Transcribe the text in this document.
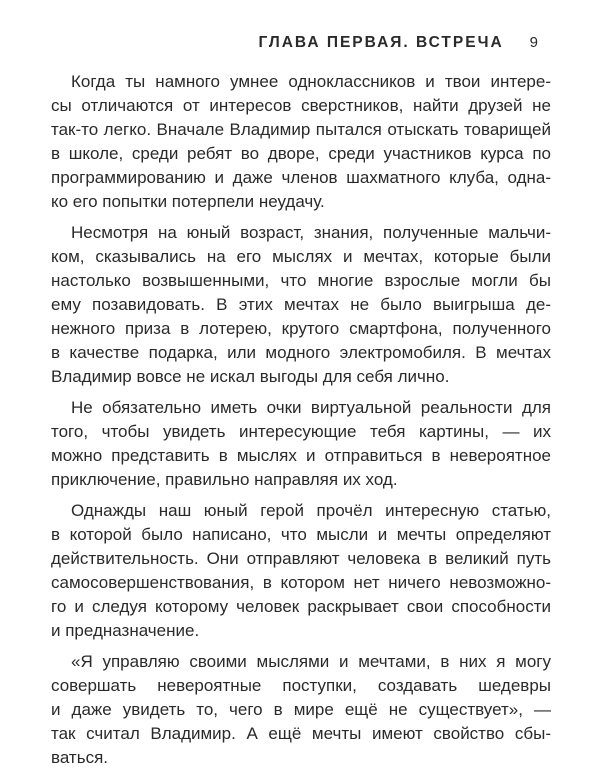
ГЛАВА ПЕРВАЯ. ВСТРЕЧА 9
Когда ты намного умнее одноклассников и твои интере-
сы отличаются от интересов сверстников, найти друзей не
так-то легко. Вначале Владимир пытался отыскать товарищей
в школе, среди ребят во дворе, среди участников курса по
программированию и даже членов шахматного клуба, одна-
ко его попытки потерпели неудачу.
Несмотря на юный возраст, знания, полученные мальчи-
ком, сказывались на его мыслях и мечтах, которые были
настолько возвышенными, что многие взрослые могли бы
ему позавидовать. В этих мечтах не было выигрыша де-
нежного приза в лотерею, крутого смартфона, полученного
в качестве подарка, или модного электромобиля. В мечтах
Владимир вовсе не искал выгоды для себя лично.
Не обязательно иметь очки виртуальной реальности для
того, чтобы увидеть интересующие тебя картины, — их
можно представить в мыслях и отправиться в невероятное
приключение, правильно направляя их ход.
Однажды наш юный герой прочёл интересную статью,
в которой было написано, что мысли и мечты определяют
действительность. Они отправляют человека в великий путь
самосовершенствования, в котором нет ничего невозможно-
го и следуя которому человек раскрывает свои способности
и предназначение.
«Я управляю своими мыслями и мечтами, в них я могу
совершать невероятные поступки, создавать шедевры
и даже увидеть то, чего в мире ещё не существует», —
так считал Владимир. А ещё мечты имеют свойство сбы-
ваться.
